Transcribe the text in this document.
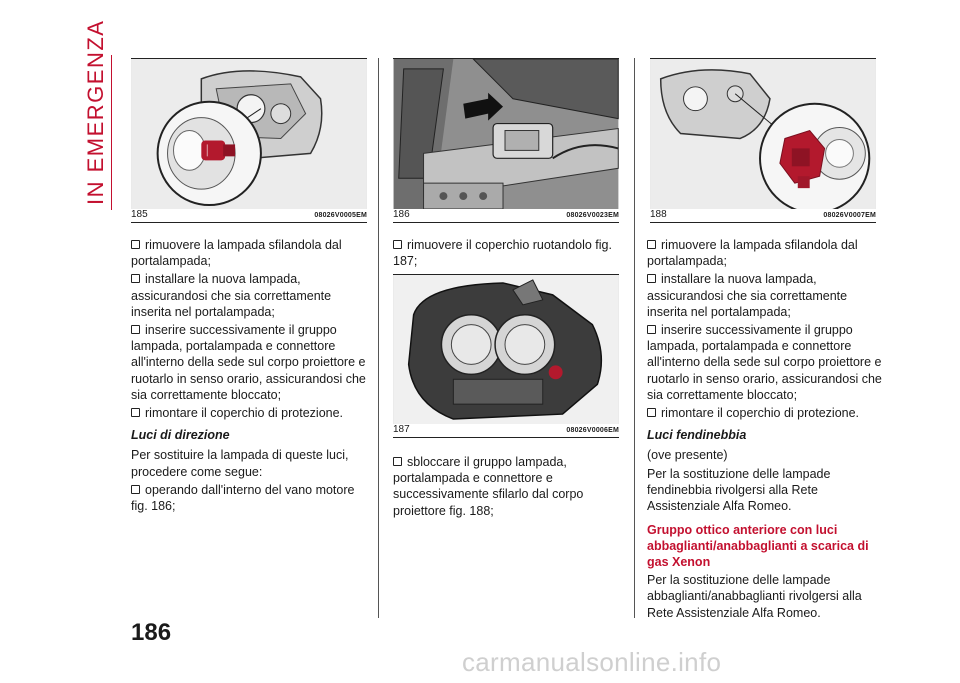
IN EMERGENZA
185	08026V0005EM

rimuovere la lampada sfilandola dal portalampada;

installare la nuova lampada, assicurandosi che sia correttamente inserita nel portalampada;

inserire successivamente il gruppo lampada, portalampada e connettore all'interno della sede sul corpo proiettore e ruotarlo in senso orario, assicurandosi che sia correttamente bloccato;

rimontare il coperchio di protezione.

Luci di direzione

Per sostituire la lampada di queste luci, procedere come segue:

operando dall'interno del vano motore fig. 186;

186	08026V0023EM

rimuovere il coperchio ruotandolo fig. 187;

187	08026V0006EM

sbloccare il gruppo lampada, portalampada e connettore e successivamente sfilarlo dal corpo proiettore fig. 188;

188	08026V0007EM

rimuovere la lampada sfilandola dal portalampada;

installare la nuova lampada, assicurandosi che sia correttamente inserita nel portalampada;

inserire successivamente il gruppo lampada, portalampada e connettore all'interno della sede sul corpo proiettore e ruotarlo in senso orario, assicurandosi che sia correttamente bloccato;

rimontare il coperchio di protezione.

Luci fendinebbia

(ove presente)

Per la sostituzione delle lampade fendinebbia rivolgersi alla Rete Assistenziale Alfa Romeo.

Gruppo ottico anteriore con luci abbaglianti/anabbaglianti a scarica di gas Xenon

Per la sostituzione delle lampade abbaglianti/anabbaglianti rivolgersi alla Rete Assistenziale Alfa Romeo.

186
carmanualsonline.info
